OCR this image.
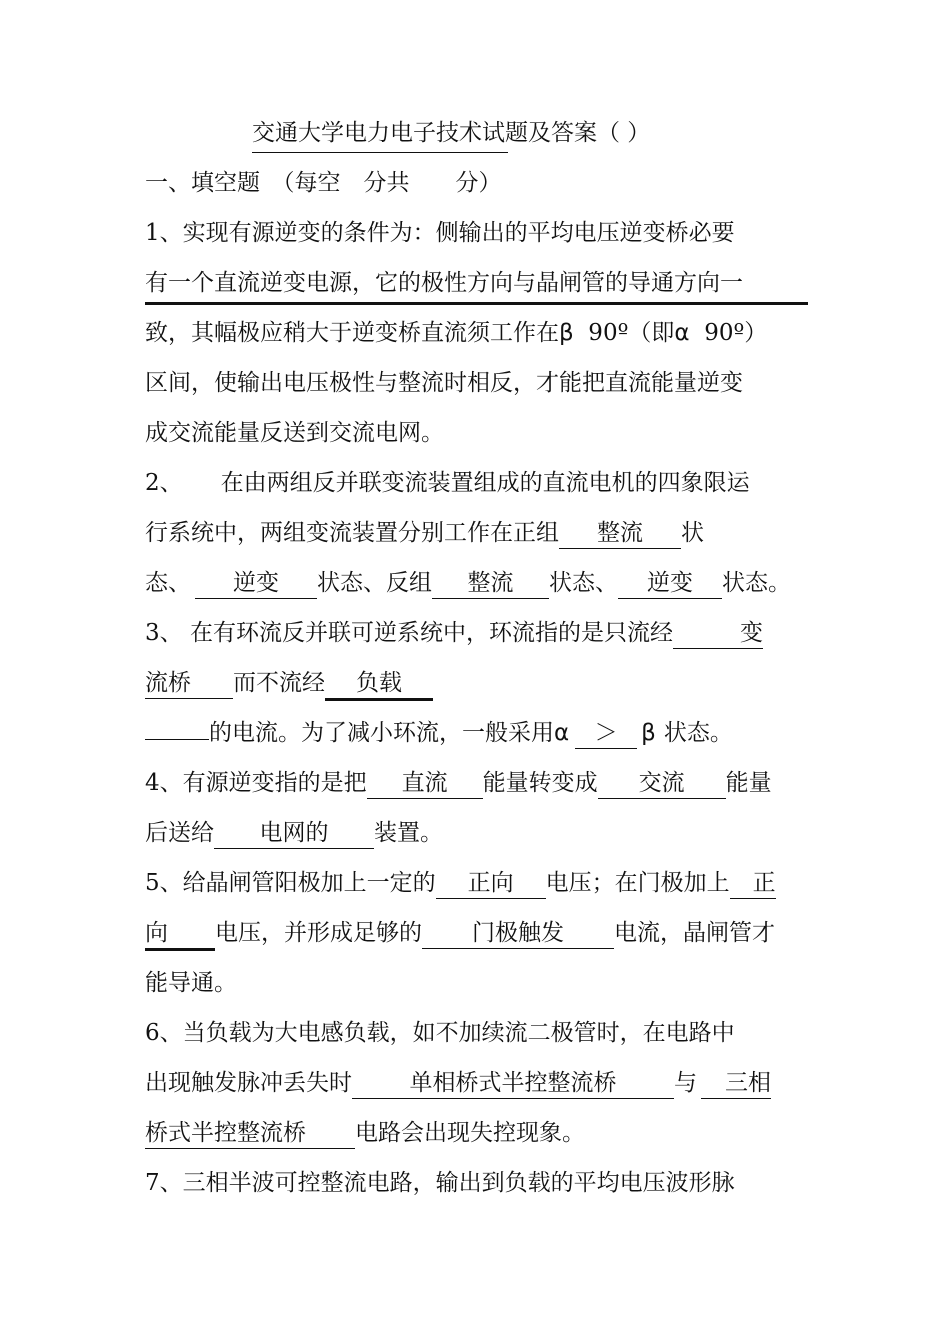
交通大学电力电子技术试题及答案（ ）
一、填空题　（每空　分共　　分）
1、实现有源逆变的条件为：侧输出的平均电压逆变桥必要
有一个直流逆变电源，它的极性方向与晶闸管的导通方向一
致，其幅极应稍大于逆变桥直流须工作在β  90º（即α  90º）
区间，使输出电压极性与整流时相反，才能把直流能量逆变
成交流能量反送到交流电网。
2、 在由两组反并联变流装置组成的直流电机的四象限运
行系统中，两组变流装置分别工作在正组 整流 状
态、 逆变 状态、反组 整流 状态、 逆变 状态。
3、 在有环流反并联可逆系统中，环流指的是只流经	变
流桥 而不流经 负载
的电流。为了减小环流，一般采用α ＞ β 状态。
4、有源逆变指的是把 直流 能量转变成 交流 能量
后送给 电网的 装置。
5、给晶闸管阳极加上一定的 正向 电压；在门极加上 正
向 电压，并形成足够的 门极触发 电流，晶闸管才
能导通。
6、当负载为大电感负载，如不加续流二极管时，在电路中
出现触发脉冲丢失时	单相桥式半控整流桥	与 三相
桥式半控整流桥 电路会出现失控现象。
7、三相半波可控整流电路，输出到负载的平均电压波形脉
